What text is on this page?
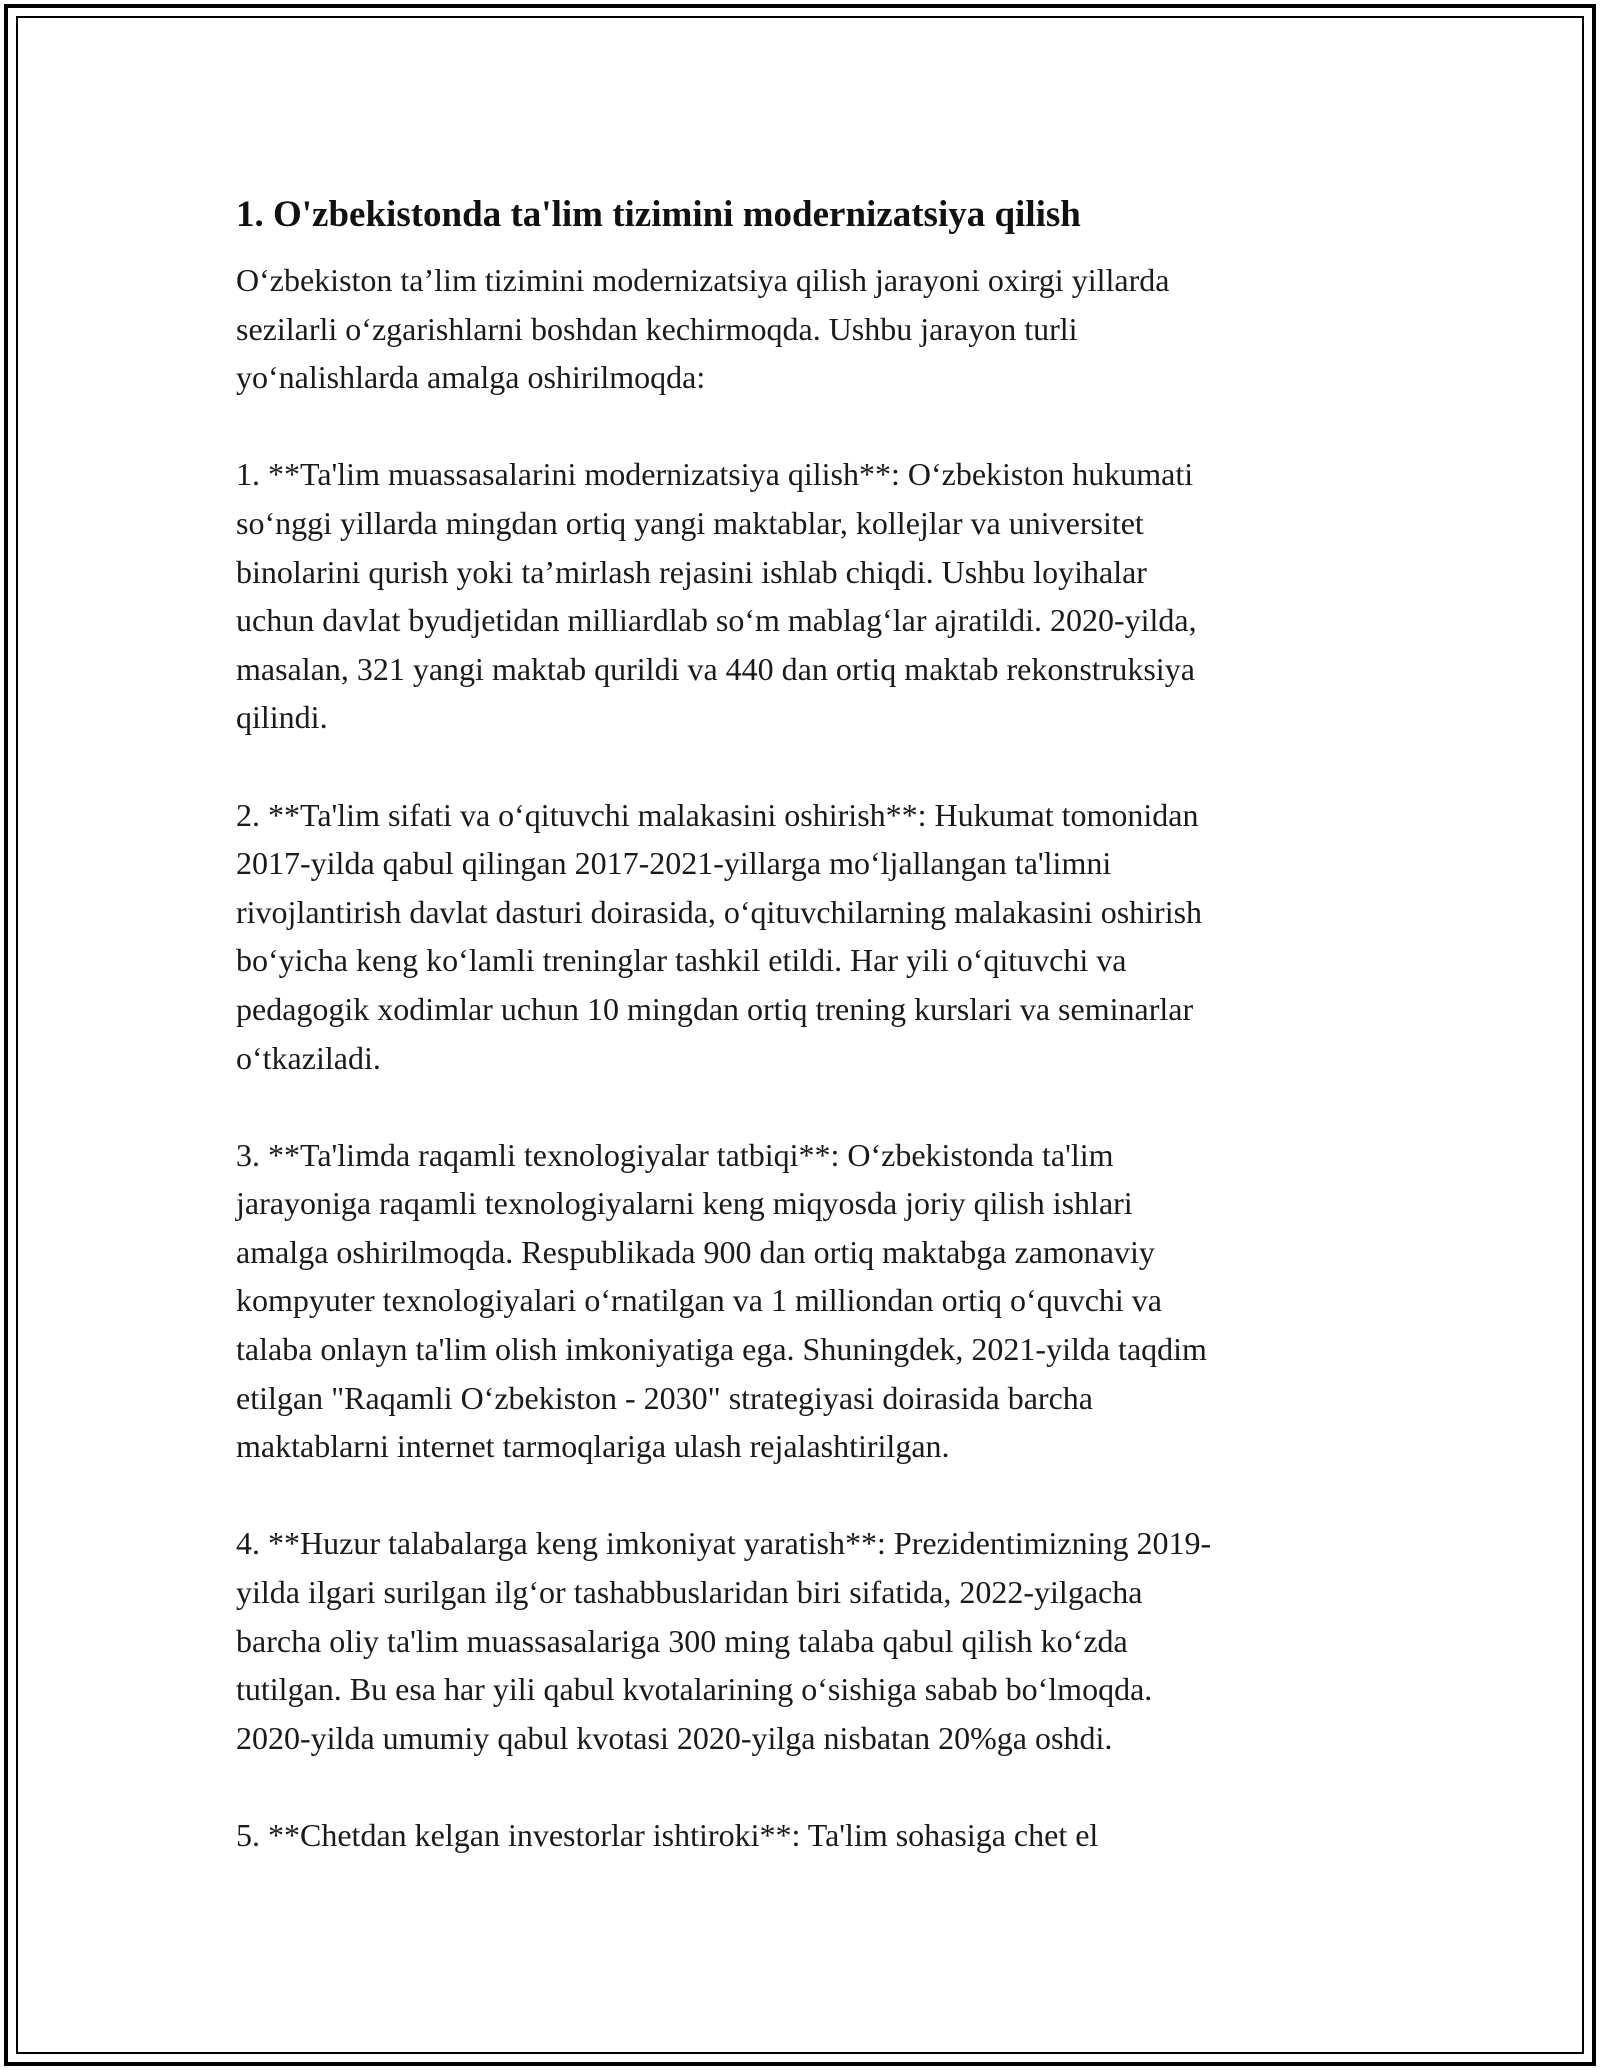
1. O'zbekistonda ta'lim tizimini modernizatsiya qilish

O‘zbekiston ta’lim tizimini modernizatsiya qilish jarayoni oxirgi yillarda
sezilarli o‘zgarishlarni boshdan kechirmoqda. Ushbu jarayon turli
yo‘nalishlarda amalga oshirilmoqda:

1. **Ta'lim muassasalarini modernizatsiya qilish**: O‘zbekiston hukumati
so‘nggi yillarda mingdan ortiq yangi maktablar, kollejlar va universitet
binolarini qurish yoki ta’mirlash rejasini ishlab chiqdi. Ushbu loyihalar
uchun davlat byudjetidan milliardlab so‘m mablag‘lar ajratildi. 2020-yilda,
masalan, 321 yangi maktab qurildi va 440 dan ortiq maktab rekonstruksiya
qilindi.

2. **Ta'lim sifati va o‘qituvchi malakasini oshirish**: Hukumat tomonidan
2017-yilda qabul qilingan 2017-2021-yillarga mo‘ljallangan ta'limni
rivojlantirish davlat dasturi doirasida, o‘qituvchilarning malakasini oshirish
bo‘yicha keng ko‘lamli treninglar tashkil etildi. Har yili o‘qituvchi va
pedagogik xodimlar uchun 10 mingdan ortiq trening kurslari va seminarlar
o‘tkaziladi.

3. **Ta'limda raqamli texnologiyalar tatbiqi**: O‘zbekistonda ta'lim
jarayoniga raqamli texnologiyalarni keng miqyosda joriy qilish ishlari
amalga oshirilmoqda. Respublikada 900 dan ortiq maktabga zamonaviy
kompyuter texnologiyalari o‘rnatilgan va 1 milliondan ortiq o‘quvchi va
talaba onlayn ta'lim olish imkoniyatiga ega. Shuningdek, 2021-yilda taqdim
etilgan "Raqamli O‘zbekiston - 2030" strategiyasi doirasida barcha
maktablarni internet tarmoqlariga ulash rejalashtirilgan.

4. **Huzur talabalarga keng imkoniyat yaratish**: Prezidentimizning 2019-
yilda ilgari surilgan ilg‘or tashabbuslaridan biri sifatida, 2022-yilgacha
barcha oliy ta'lim muassasalariga 300 ming talaba qabul qilish ko‘zda
tutilgan. Bu esa har yili qabul kvotalarining o‘sishiga sabab bo‘lmoqda.
2020-yilda umumiy qabul kvotasi 2020-yilga nisbatan 20%ga oshdi.

5. **Chetdan kelgan investorlar ishtiroki**: Ta'lim sohasiga chet el
